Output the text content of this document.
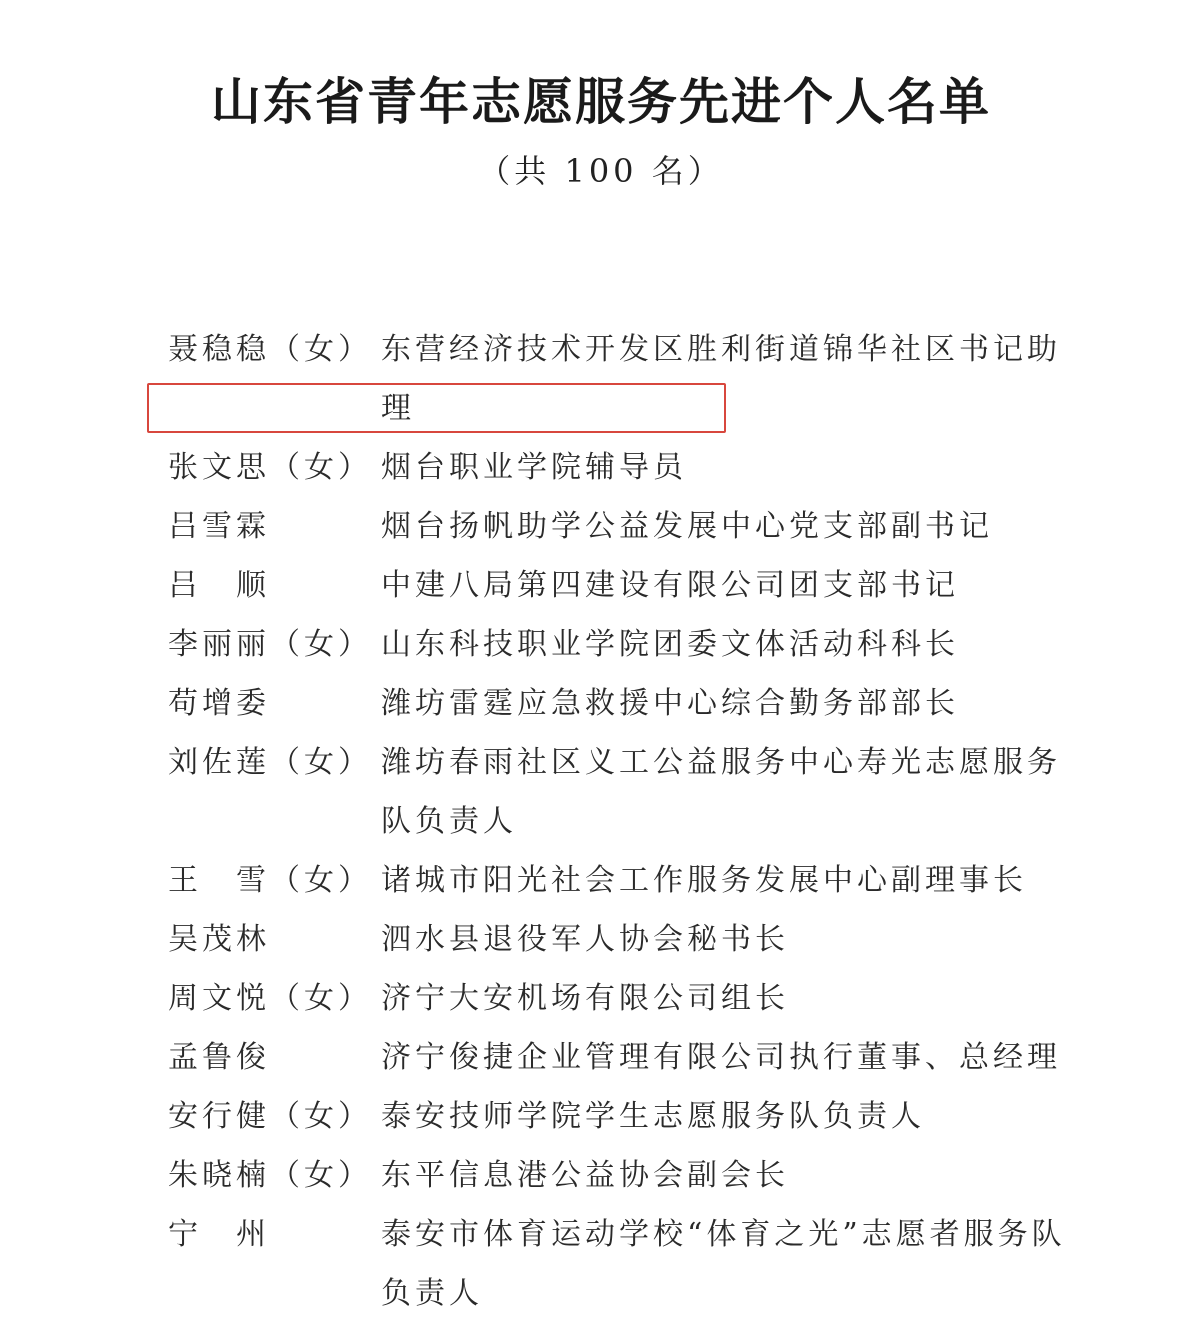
山东省青年志愿服务先进个人名单
（共 100 名）
聂稳稳（女） 东营经济技术开发区胜利街道锦华社区书记助理
张文思（女） 烟台职业学院辅导员
吕雪霖	烟台扬帆助学公益发展中心党支部副书记
吕　顺	中建八局第四建设有限公司团支部书记
李丽丽（女） 山东科技职业学院团委文体活动科科长
苟增委	潍坊雷霆应急救援中心综合勤务部部长
刘佐莲（女） 潍坊春雨社区义工公益服务中心寿光志愿服务队负责人
王　雪（女） 诸城市阳光社会工作服务发展中心副理事长
吴茂林	泗水县退役军人协会秘书长
周文悦（女） 济宁大安机场有限公司组长
孟鲁俊	济宁俊捷企业管理有限公司执行董事、总经理
安行健（女） 泰安技师学院学生志愿服务队负责人
朱晓楠（女） 东平信息港公益协会副会长
宁　州	泰安市体育运动学校“体育之光”志愿者服务队负责人
